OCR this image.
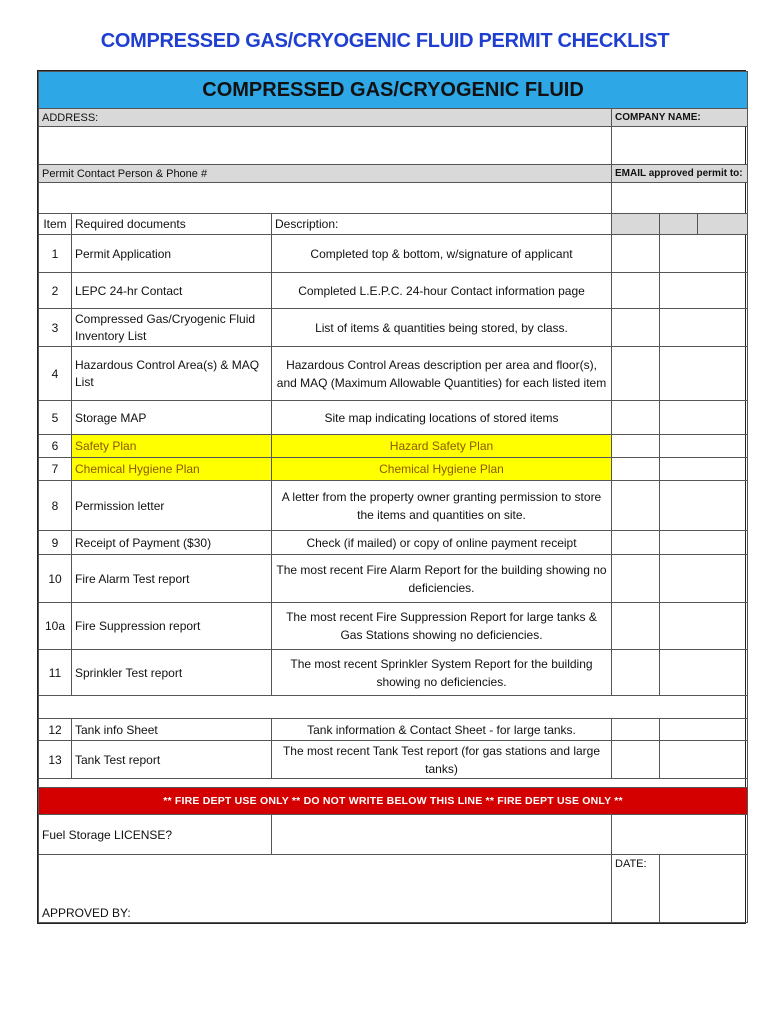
COMPRESSED GAS/CRYOGENIC FLUID PERMIT CHECKLIST
COMPRESSED GAS/CRYOGENIC FLUID					
ADDRESS:			COMPANY NAME:		

Permit Contact Person & Phone #			EMAIL approved permit to:		

Item	Required documents	Description:			
1	Permit Application	Completed top & bottom, w/signature of applicant			
2	LEPC 24-hr Contact	Completed L.E.P.C. 24-hour Contact information page			
3	Compressed Gas/Cryogenic Fluid Inventory List	List of items & quantities being stored, by class.			
4	Hazardous Control Area(s) & MAQ List	Hazardous Control Areas description per area and floor(s), and MAQ (Maximum Allowable Quantities) for each listed item			
5	Storage MAP	Site map indicating locations of stored items			
6	Safety Plan	Hazard Safety Plan			
7	Chemical Hygiene Plan	Chemical Hygiene Plan			
8	Permission letter	A letter from the property owner granting permission to store the items and quantities on site.			
9	Receipt of Payment ($30)	Check (if mailed) or copy of online payment receipt			
10	Fire Alarm Test report	The most recent Fire Alarm Report for the building showing no deficiencies.			
10a	Fire Suppression report	The most recent Fire Suppression Report for large tanks & Gas Stations showing no deficiencies.			
11	Sprinkler Test report	The most recent Sprinkler System Report for the building showing no deficiencies.			

12	Tank info Sheet	Tank information & Contact Sheet - for large tanks.			
13	Tank Test report	The most recent Tank Test report (for gas stations and large tanks)			

** FIRE DEPT USE ONLY ** DO NOT WRITE BELOW THIS LINE ** FIRE DEPT USE ONLY **					
Fuel Storage LICENSE?					
APPROVED BY:			DATE:		
